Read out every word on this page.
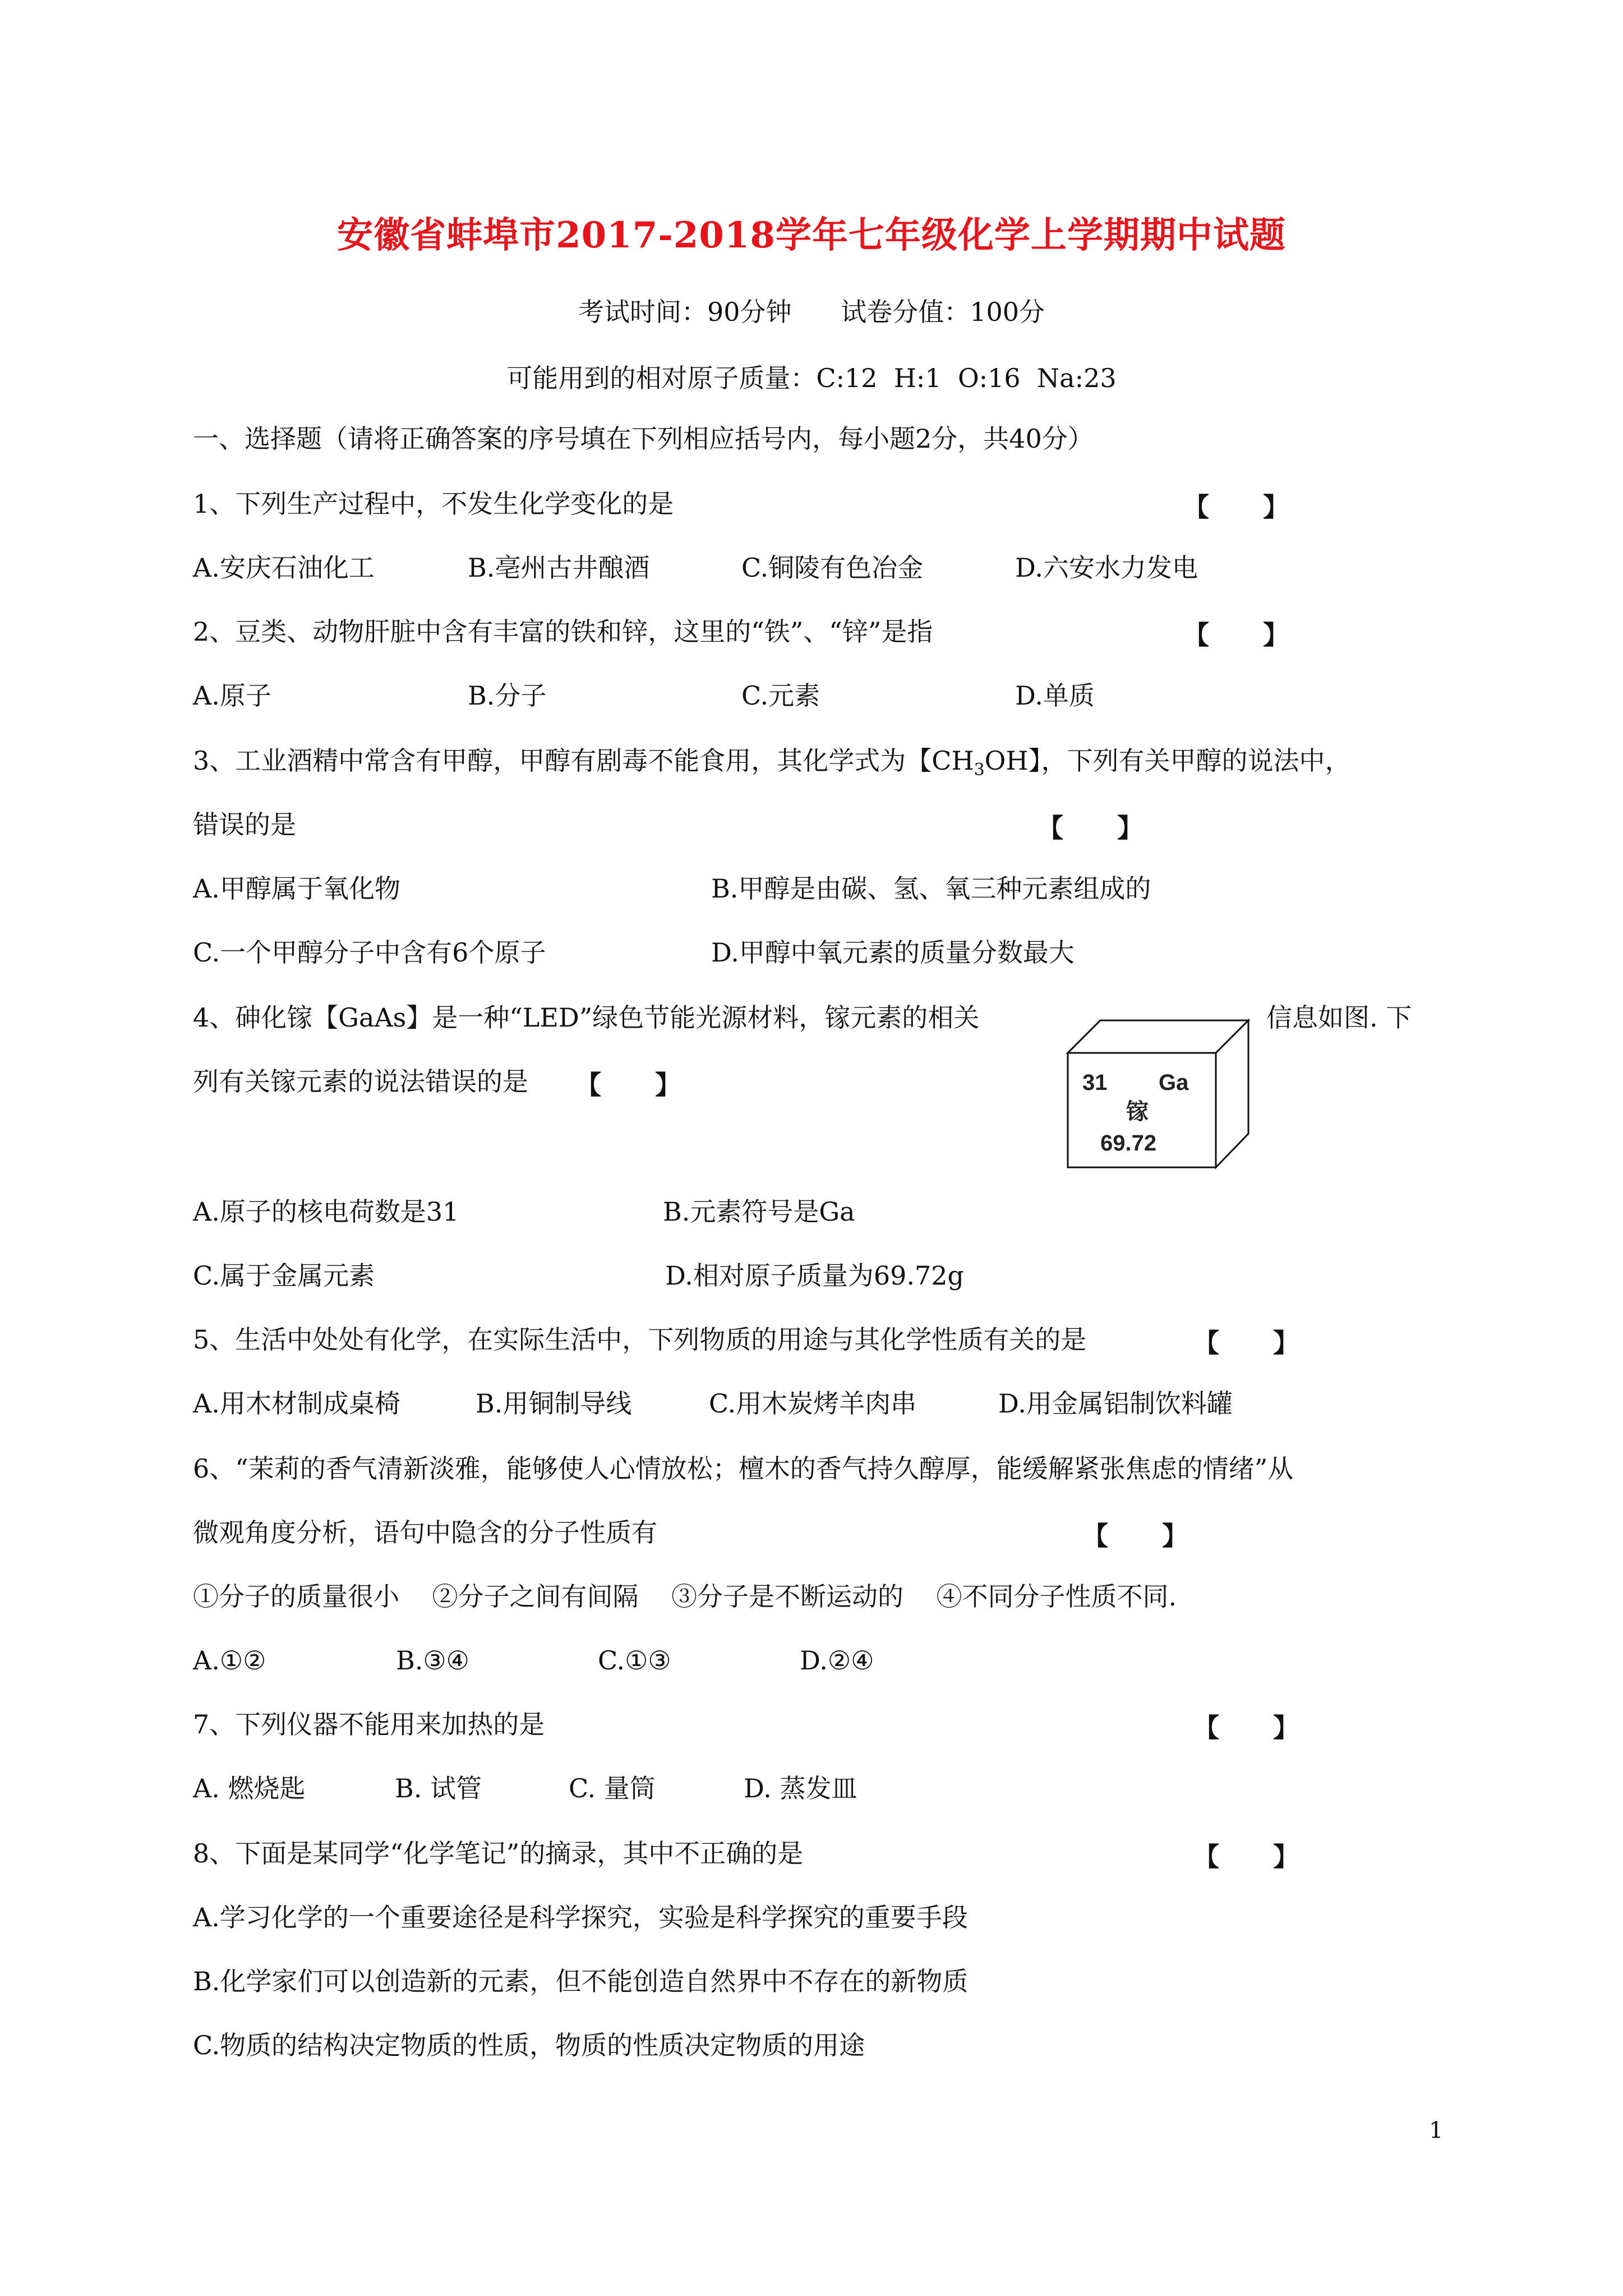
安徽省蚌埠市2017-2018学年七年级化学上学期期中试题
考试时间：90分钟      试卷分值：100分
可能用到的相对原子质量：C:12  H:1  O:16  Na:23
一、选择题（请将正确答案的序号填在下列相应括号内，每小题2分，共40分）
1、下列生产过程中，不发生化学变化的是	【      】
A.安庆石油化工	B.亳州古井酿酒	C.铜陵有色冶金	D.六安水力发电
2、豆类、动物肝脏中含有丰富的铁和锌，这里的“铁”、“锌”是指	【      】
A.原子	B.分子	C.元素	D.单质
3、工业酒精中常含有甲醇，甲醇有剧毒不能食用，其化学式为【$CH_3OH$】，下列有关甲醇的说法中，
错误的是	【      】
A.甲醇属于氧化物	B.甲醇是由碳、氢、氧三种元素组成的
C.一个甲醇分子中含有6个原子	D.甲醇中氧元素的质量分数最大
4、砷化镓【GaAs】是一种“LED”绿色节能光源材料，镓元素的相关	信息如图. 下
列有关镓元素的说法错误的是 【      】	31 Ga
镓
69.72
A.原子的核电荷数是31	B.元素符号是Ga
C.属于金属元素	D.相对原子质量为69.72g
5、生活中处处有化学，在实际生活中，下列物质的用途与其化学性质有关的是	【      】
A.用木材制成桌椅	B.用铜制导线	C.用木炭烤羊肉串	D.用金属铝制饮料罐
6、“茉莉的香气清新淡雅，能够使人心情放松；檀木的香气持久醇厚，能缓解紧张焦虑的情绪”从
微观角度分析，语句中隐含的分子性质有	【      】
①分子的质量很小    ②分子之间有间隔    ③分子是不断运动的    ④不同分子性质不同.
A.①②	B.③④	C.①③	D.②④
7、下列仪器不能用来加热的是	【      】
A. 燃烧匙	B. 试管	C. 量筒	D. 蒸发皿
8、下面是某同学“化学笔记”的摘录，其中不正确的是	【      】
A.学习化学的一个重要途径是科学探究，实验是科学探究的重要手段
B.化学家们可以创造新的元素，但不能创造自然界中不存在的新物质
C.物质的结构决定物质的性质，物质的性质决定物质的用途
1
